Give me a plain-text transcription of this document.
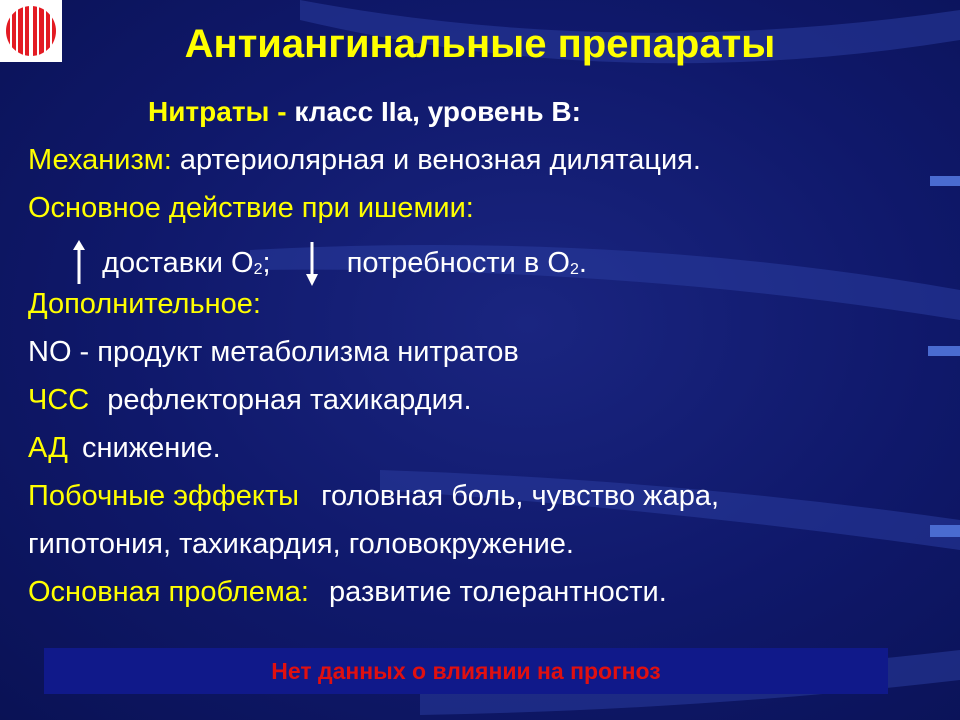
Антиангинальные препараты
Нитраты - класс IIa, уровень В:
Механизм: артериолярная и венозная дилятация.
Основное действие при ишемии:
доставки $О_2$;	потребности в $О_2$.
Дополнительное:
NO - продукт метаболизма нитратов
ЧСС рефлекторная тахикардия.
АД снижение.
Побочные эффекты головная боль, чувство жара,
гипотония, тахикардия, головокружение.
Основная проблема: развитие толерантности.
Нет данных о влиянии на прогноз
